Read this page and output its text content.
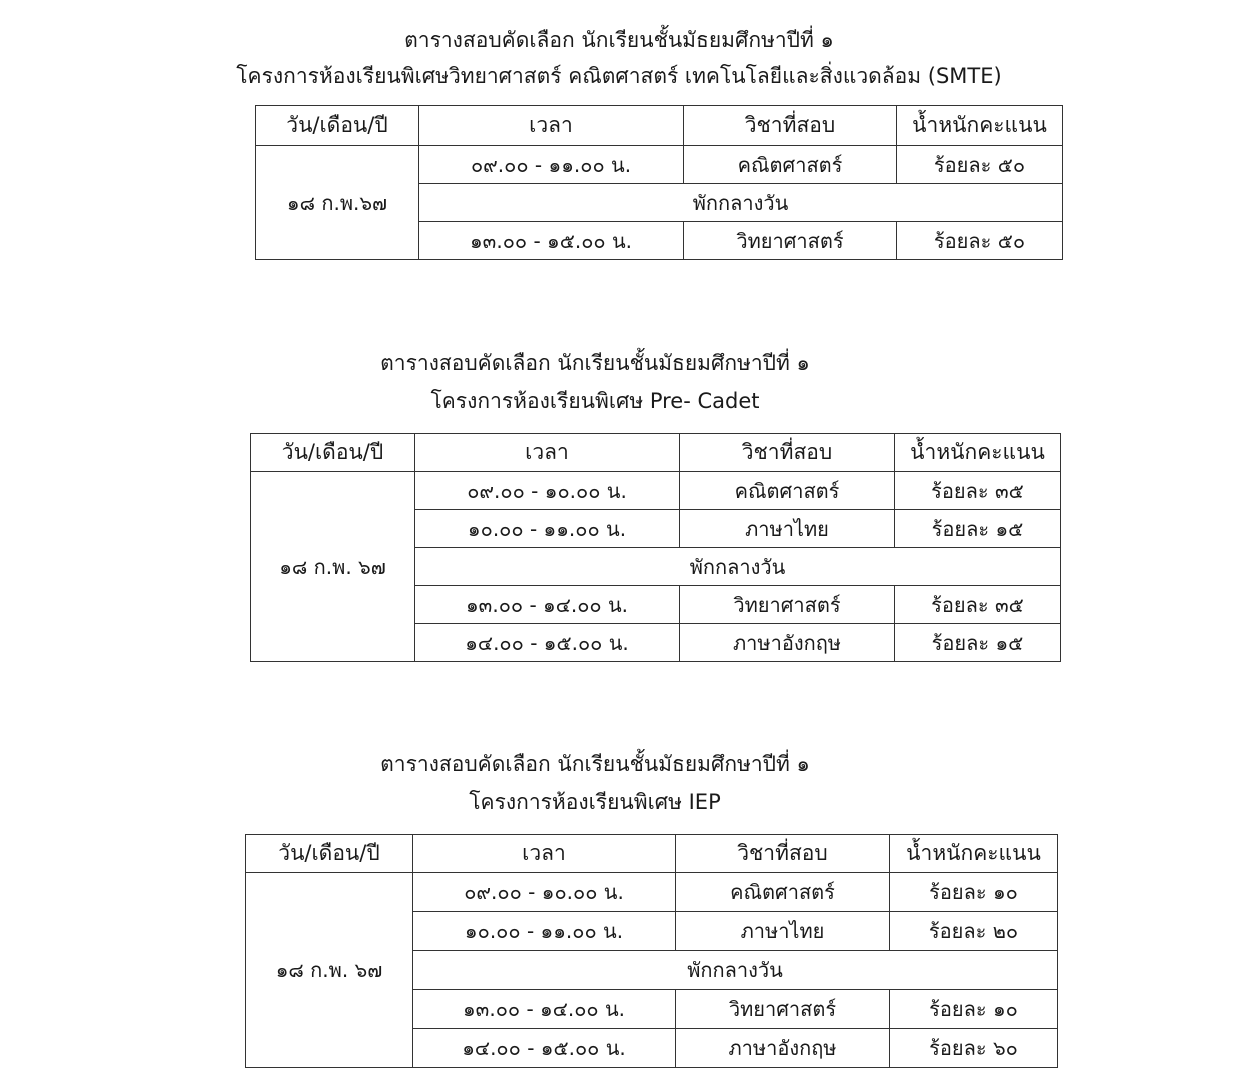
ตารางสอบคัดเลือก นักเรียนชั้นมัธยมศึกษาปีที่ ๑
โครงการห้องเรียนพิเศษวิทยาศาสตร์ คณิตศาสตร์ เทคโนโลยีและสิ่งแวดล้อม (SMTE)
วัน/เดือน/ปี	เวลา	วิชาที่สอบ	น้ำหนักคะแนน
๑๘ ก.พ.๖๗	๐๙.๐๐ - ๑๑.๐๐ น.	คณิตศาสตร์	ร้อยละ ๕๐
	พักกลางวัน		
	๑๓.๐๐ - ๑๕.๐๐ น.	วิทยาศาสตร์	ร้อยละ ๕๐
ตารางสอบคัดเลือก นักเรียนชั้นมัธยมศึกษาปีที่ ๑
โครงการห้องเรียนพิเศษ Pre- Cadet
วัน/เดือน/ปี	เวลา	วิชาที่สอบ	น้ำหนักคะแนน
๑๘ ก.พ. ๖๗	๐๙.๐๐ - ๑๐.๐๐ น.	คณิตศาสตร์	ร้อยละ ๓๕
	๑๐.๐๐ - ๑๑.๐๐ น.	ภาษาไทย	ร้อยละ ๑๕
	พักกลางวัน		
	๑๓.๐๐ - ๑๔.๐๐ น.	วิทยาศาสตร์	ร้อยละ ๓๕
	๑๔.๐๐ - ๑๕.๐๐ น.	ภาษาอังกฤษ	ร้อยละ ๑๕
ตารางสอบคัดเลือก นักเรียนชั้นมัธยมศึกษาปีที่ ๑
โครงการห้องเรียนพิเศษ IEP
วัน/เดือน/ปี	เวลา	วิชาที่สอบ	น้ำหนักคะแนน
๑๘ ก.พ. ๖๗	๐๙.๐๐ - ๑๐.๐๐ น.	คณิตศาสตร์	ร้อยละ ๑๐
	๑๐.๐๐ - ๑๑.๐๐ น.	ภาษาไทย	ร้อยละ ๒๐
	พักกลางวัน		
	๑๓.๐๐ - ๑๔.๐๐ น.	วิทยาศาสตร์	ร้อยละ ๑๐
	๑๔.๐๐ - ๑๕.๐๐ น.	ภาษาอังกฤษ	ร้อยละ ๖๐
